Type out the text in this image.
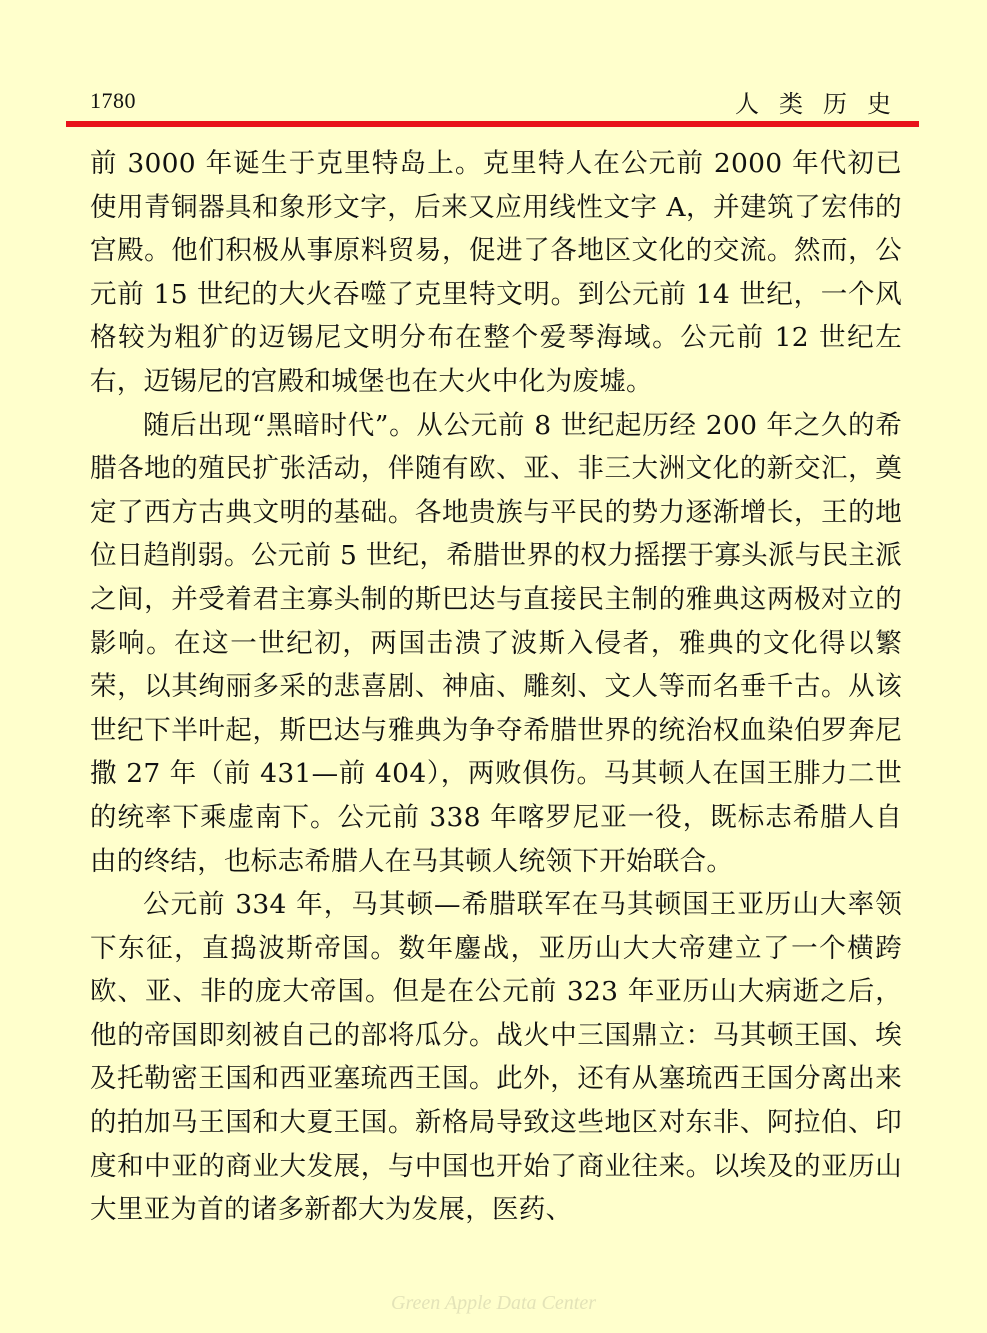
1780	人类历史

前 3000 年诞生于克里特岛上。克里特人在公元前 2000 年代初已使用青铜器具和象形文字，后来又应用线性文字 A，并建筑了宏伟的宫殿。他们积极从事原料贸易，促进了各地区文化的交流。然而，公元前 15 世纪的大火吞噬了克里特文明。到公元前 14 世纪，一个风格较为粗犷的迈锡尼文明分布在整个爱琴海域。公元前 12 世纪左右，迈锡尼的宫殿和城堡也在大火中化为废墟。

随后出现“黑暗时代”。从公元前 8 世纪起历经 200 年之久的希腊各地的殖民扩张活动，伴随有欧、亚、非三大洲文化的新交汇，奠定了西方古典文明的基础。各地贵族与平民的势力逐渐增长，王的地位日趋削弱。公元前 5 世纪，希腊世界的权力摇摆于寡头派与民主派之间，并受着君主寡头制的斯巴达与直接民主制的雅典这两极对立的影响。在这一世纪初，两国击溃了波斯入侵者，雅典的文化得以繁荣，以其绚丽多采的悲喜剧、神庙、雕刻、文人等而名垂千古。从该世纪下半叶起，斯巴达与雅典为争夺希腊世界的统治权血染伯罗奔尼撒 27 年（前 431—前 404），两败俱伤。马其顿人在国王腓力二世的统率下乘虚南下。公元前 338 年喀罗尼亚一役，既标志希腊人自由的终结，也标志希腊人在马其顿人统领下开始联合。

公元前 334 年，马其顿—希腊联军在马其顿国王亚历山大率领下东征，直捣波斯帝国。数年鏖战，亚历山大大帝建立了一个横跨欧、亚、非的庞大帝国。但是在公元前 323 年亚历山大病逝之后，他的帝国即刻被自己的部将瓜分。战火中三国鼎立：马其顿王国、埃及托勒密王国和西亚塞琉西王国。此外，还有从塞琉西王国分离出来的拍加马王国和大夏王国。新格局导致这些地区对东非、阿拉伯、印度和中亚的商业大发展，与中国也开始了商业往来。以埃及的亚历山大里亚为首的诸多新都大为发展，医药、

Green Apple Data Center
